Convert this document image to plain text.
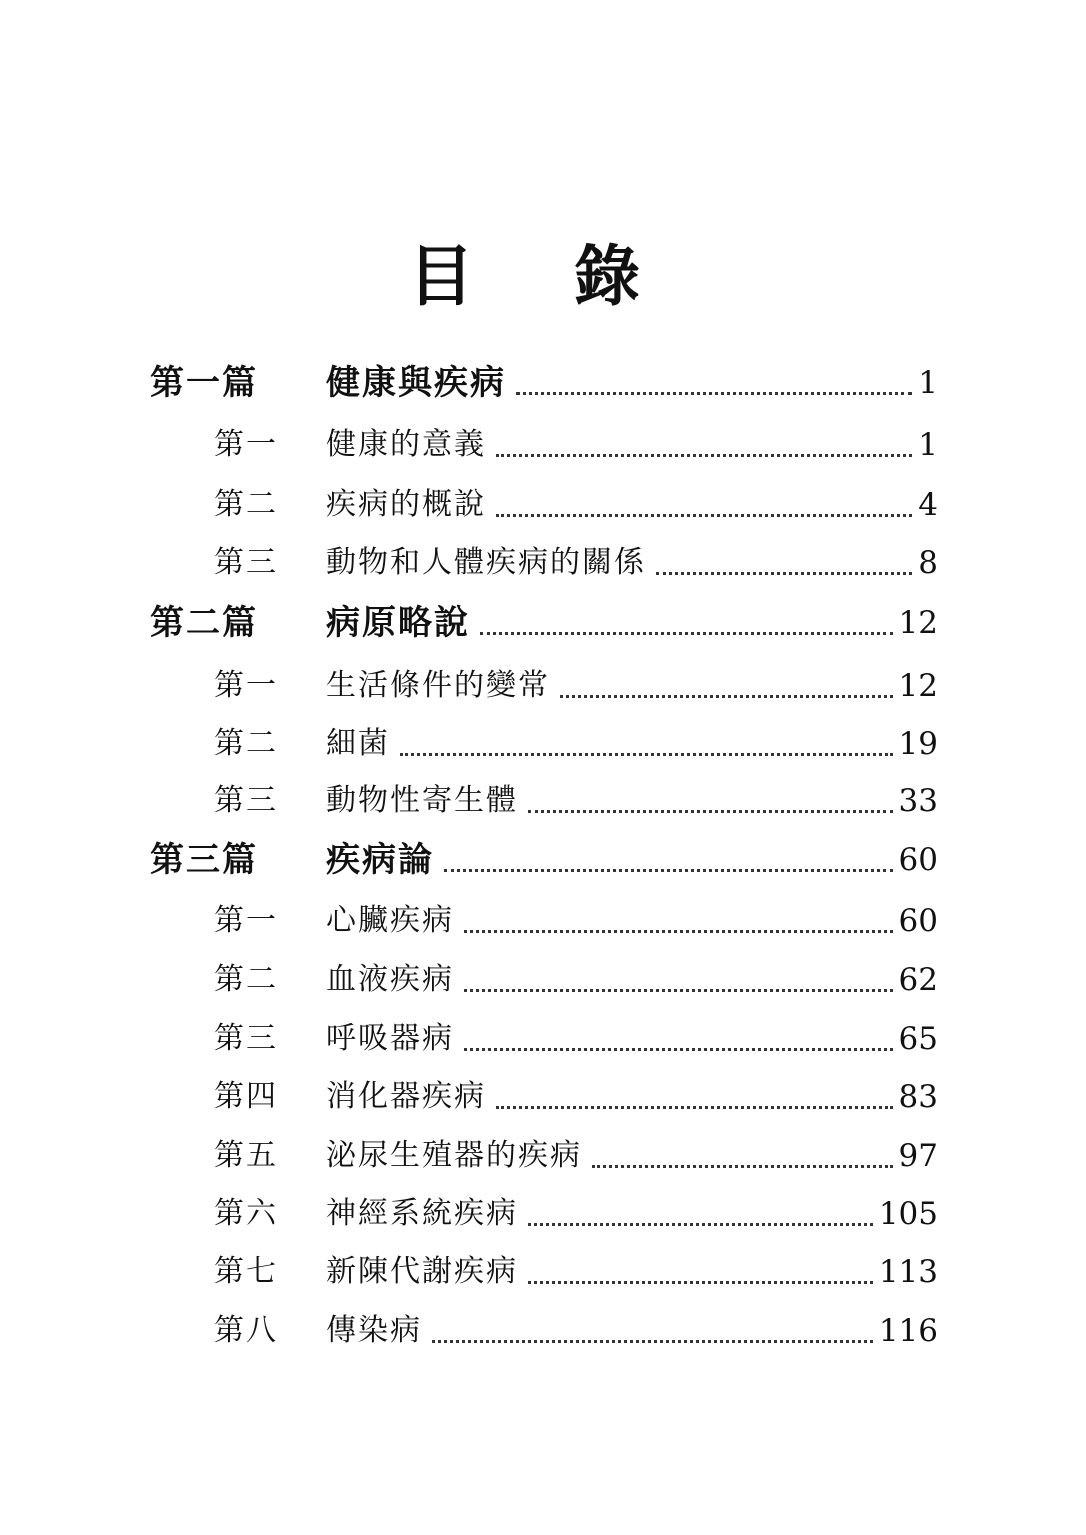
目 錄
第一篇 健康與疾病	1
第一 健康的意義	1
第二 疾病的概說	4
第三 動物和人體疾病的關係	8
第二篇 病原略說	12
第一 生活條件的變常	12
第二 細菌	19
第三 動物性寄生體	33
第三篇 疾病論	60
第一 心臟疾病	60
第二 血液疾病	62
第三 呼吸器病	65
第四 消化器疾病	83
第五 泌尿生殖器的疾病	97
第六 神經系統疾病	105
第七 新陳代謝疾病	113
第八 傳染病	116
